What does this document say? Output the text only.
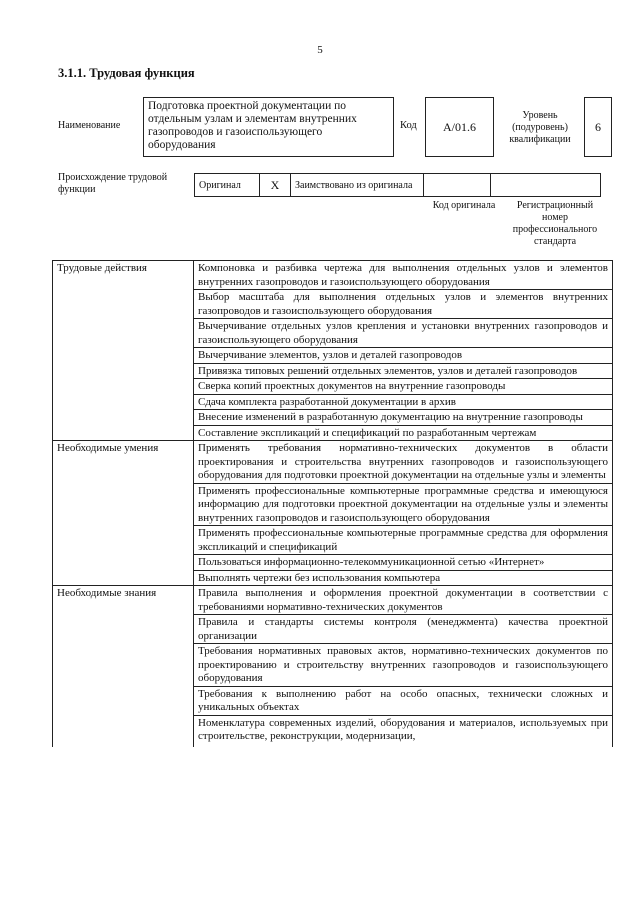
5
3.1.1. Трудовая функция
Наименование
Подготовка проектной документации по отдельным узлам и элементам внутренних газопроводов и газоиспользующего оборудования
Код	A/01.6
Уровень (подуровень) квалификации
6
Происхождение трудовой функции	Оригинал	X	Заимствовано из оригинала		
Код оригинала	Регистрационный номер профессионального стандарта
Трудовые действия	Компоновка и разбивка чертежа для выполнения отдельных узлов и элементов внутренних газопроводов и газоиспользующего оборудования
	Выбор масштаба для выполнения отдельных узлов и элементов внутренних газопроводов и газоиспользующего оборудования
	Вычерчивание отдельных узлов крепления и установки внутренних газопроводов и газоиспользующего оборудования
	Вычерчивание элементов, узлов и деталей газопроводов
	Привязка типовых решений отдельных элементов, узлов и деталей газопроводов
	Сверка копий проектных документов на внутренние газопроводы
	Сдача комплекта разработанной документации в архив
	Внесение изменений в разработанную документацию на внутренние газопроводы
	Составление экспликаций и спецификаций по разработанным чертежам
Необходимые умения	Применять требования нормативно-технических документов в области проектирования и строительства внутренних газопроводов и газоиспользующего оборудования для подготовки проектной документации на отдельные узлы и элементы
	Применять профессиональные компьютерные программные средства и имеющуюся информацию для подготовки проектной документации на отдельные узлы и элементы внутренних газопроводов и газоиспользующего оборудования
	Применять профессиональные компьютерные программные средства для оформления экспликаций и спецификаций
	Пользоваться информационно-телекоммуникационной сетью «Интернет»
	Выполнять чертежи без использования компьютера
Необходимые знания	Правила выполнения и оформления проектной документации в соответствии с требованиями нормативно-технических документов
	Правила и стандарты системы контроля (менеджмента) качества проектной организации
	Требования нормативных правовых актов, нормативно-технических документов по проектированию и строительству внутренних газопроводов и газоиспользующего оборудования
	Требования к выполнению работ на особо опасных, технически сложных и уникальных объектах
	Номенклатура современных изделий, оборудования и материалов, используемых при строительстве, реконструкции, модернизации,
